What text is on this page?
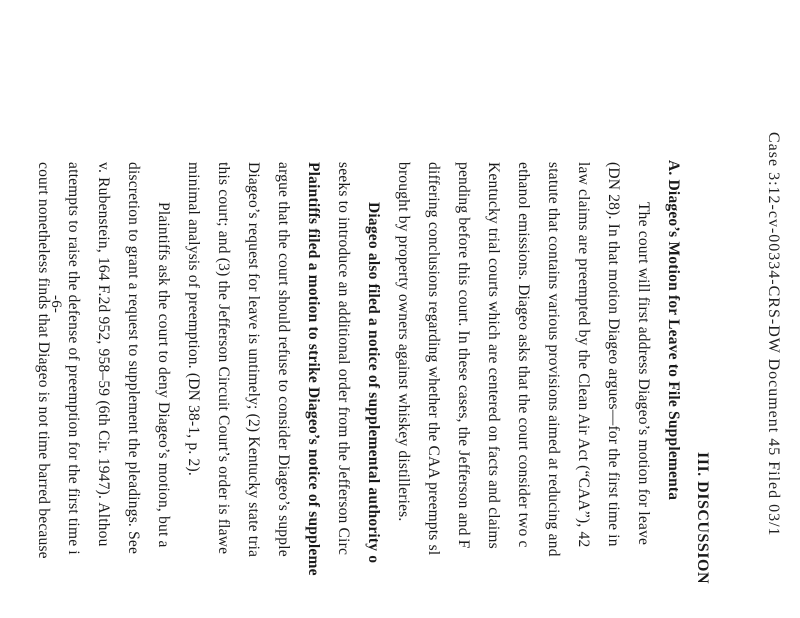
Case 3:12-cv-00334-CRS-DW Document 45 Filed 03/1
III. DISCUSSION
A. Diageo’s Motion for Leave to File Supplementa
The court will first address Diageo’s motion for leave
(DN 28). In that motion Diageo argues—for the first time in
law claims are preempted by the Clean Air Act (“CAA”), 42
statute that contains various provisions aimed at reducing and
ethanol emissions. Diageo asks that the court consider two c
Kentucky trial courts which are centered on facts and claims
pending before this court. In these cases, the Jefferson and F
differing conclusions regarding whether the CAA preempts sl
brought by property owners against whiskey distilleries.
Diageo also filed a notice of supplemental authority o
seeks to introduce an additional order from the Jefferson Circ
Plaintiffs filed a motion to strike Diageo’s notice of suppleme
argue that the court should refuse to consider Diageo’s supple
Diageo’s request for leave is untimely; (2) Kentucky state tria
this court; and (3) the Jefferson Circuit Court’s order is flawe
minimal analysis of preemption. (DN 38-1, p. 2).
Plaintiffs ask the court to deny Diageo’s motion, but a
discretion to grant a request to supplement the pleadings. See
v. Rubenstein, 164 F.2d 952, 958–59 (6th Cir. 1947). Althou
attempts to raise the defense of preemption for the first time i
court nonetheless finds that Diageo is not time barred because
-6-
